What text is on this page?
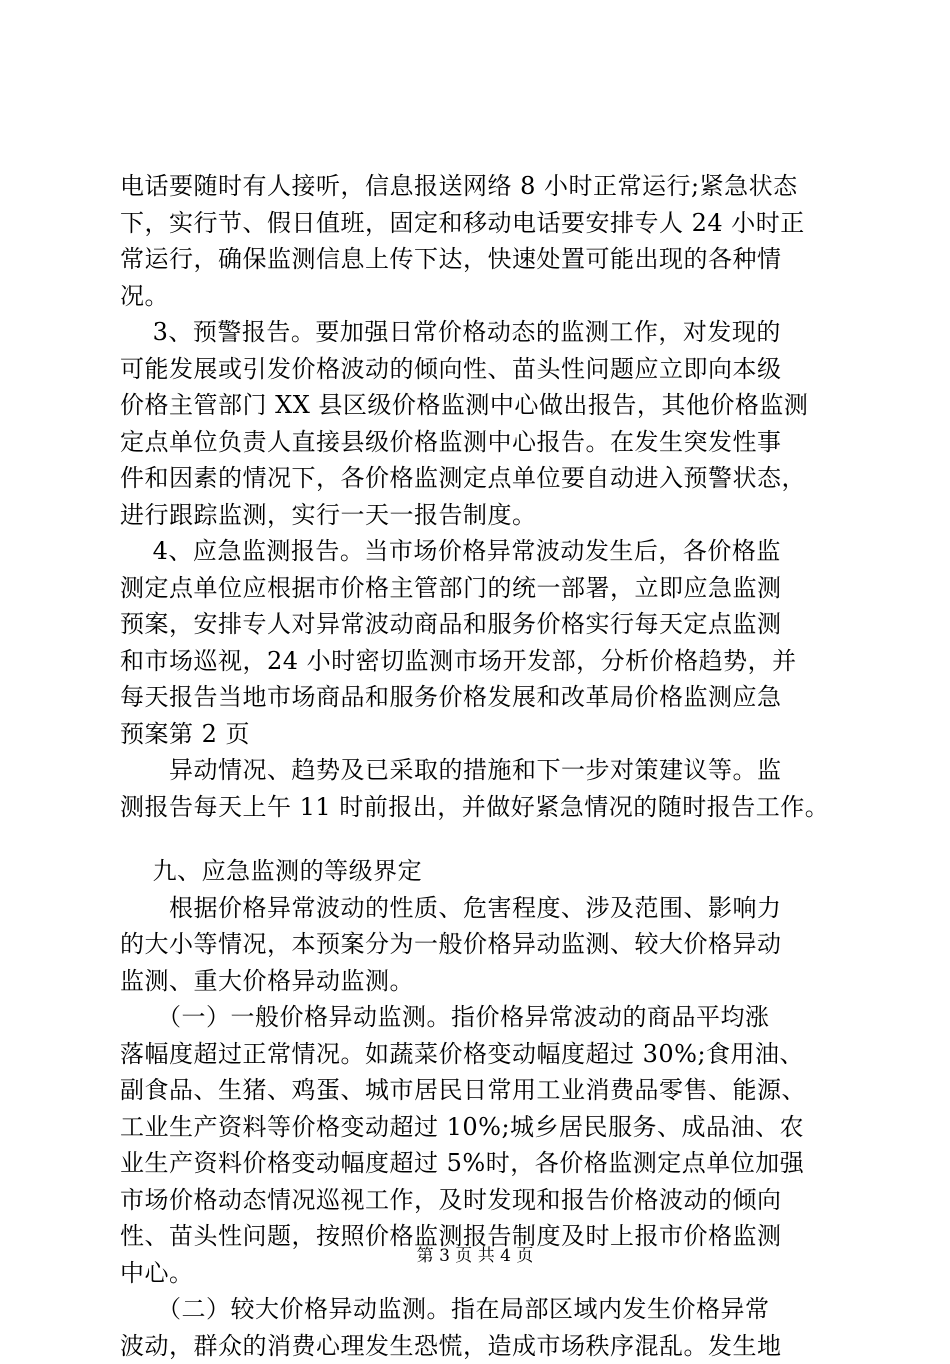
电话要随时有人接听，信息报送网络 8 小时正常运行;紧急状态
下，实行节、假日值班，固定和移动电话要安排专人 24 小时正
常运行，确保监测信息上传下达，快速处置可能出现的各种情
况。
　 3、预警报告。要加强日常价格动态的监测工作，对发现的
可能发展或引发价格波动的倾向性、苗头性问题应立即向本级
价格主管部门 XX 县区级价格监测中心做出报告，其他价格监测
定点单位负责人直接县级价格监测中心报告。在发生突发性事
件和因素的情况下，各价格监测定点单位要自动进入预警状态，
进行跟踪监测，实行一天一报告制度。
　 4、应急监测报告。当市场价格异常波动发生后，各价格监
测定点单位应根据市价格主管部门的统一部署，立即应急监测
预案，安排专人对异常波动商品和服务价格实行每天定点监测
和市场巡视，24 小时密切监测市场开发部，分析价格趋势，并
每天报告当地市场商品和服务价格发展和改革局价格监测应急
预案第 2 页
　　异动情况、趋势及已采取的措施和下一步对策建议等。监
测报告每天上午 11 时前报出，并做好紧急情况的随时报告工作。
　 九、应急监测的等级界定
　　根据价格异常波动的性质、危害程度、涉及范围、影响力
的大小等情况，本预案分为一般价格异动监测、较大价格异动
监测、重大价格异动监测。
　　（一）一般价格异动监测。指价格异常波动的商品平均涨
落幅度超过正常情况。如蔬菜价格变动幅度超过 30%;食用油、
副食品、生猪、鸡蛋、城市居民日常用工业消费品零售、能源、
工业生产资料等价格变动超过 10%;城乡居民服务、成品油、农
业生产资料价格变动幅度超过 5%时，各价格监测定点单位加强
市场价格动态情况巡视工作，及时发现和报告价格波动的倾向
性、苗头性问题，按照价格监测报告制度及时上报市价格监测
中心。
　　（二）较大价格异动监测。指在局部区域内发生价格异常
波动，群众的消费心理发生恐慌，造成市场秩序混乱。发生地
第 3 页 共 4 页
